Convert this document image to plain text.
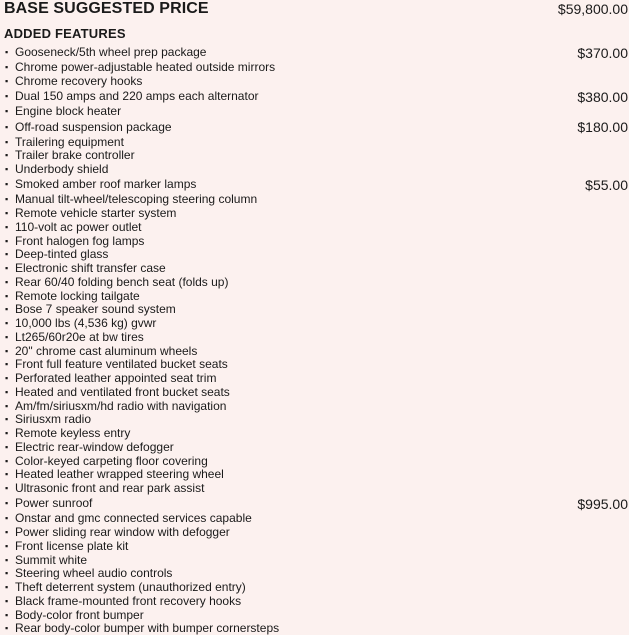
BASE SUGGESTED PRICE	$59,800.00
ADDED FEATURES
▪ Gooseneck/5th wheel prep package	$370.00
▪ Chrome power-adjustable heated outside mirrors
▪ Chrome recovery hooks
▪ Dual 150 amps and 220 amps each alternator	$380.00
▪ Engine block heater
▪ Off-road suspension package	$180.00
▪ Trailering equipment
▪ Trailer brake controller
▪ Underbody shield
▪ Smoked amber roof marker lamps	$55.00
▪ Manual tilt-wheel/telescoping steering column
▪ Remote vehicle starter system
▪ 110-volt ac power outlet
▪ Front halogen fog lamps
▪ Deep-tinted glass
▪ Electronic shift transfer case
▪ Rear 60/40 folding bench seat (folds up)
▪ Remote locking tailgate
▪ Bose 7 speaker sound system
▪ 10,000 lbs (4,536 kg) gvwr
▪ Lt265/60r20e at bw tires
▪ 20" chrome cast aluminum wheels
▪ Front full feature ventilated bucket seats
▪ Perforated leather appointed seat trim
▪ Heated and ventilated front bucket seats
▪ Am/fm/siriusxm/hd radio with navigation
▪ Siriusxm radio
▪ Remote keyless entry
▪ Electric rear-window defogger
▪ Color-keyed carpeting floor covering
▪ Heated leather wrapped steering wheel
▪ Ultrasonic front and rear park assist
▪ Power sunroof	$995.00
▪ Onstar and gmc connected services capable
▪ Power sliding rear window with defogger
▪ Front license plate kit
▪ Summit white
▪ Steering wheel audio controls
▪ Theft deterrent system (unauthorized entry)
▪ Black frame-mounted front recovery hooks
▪ Body-color front bumper
▪ Rear body-color bumper with bumper cornersteps
